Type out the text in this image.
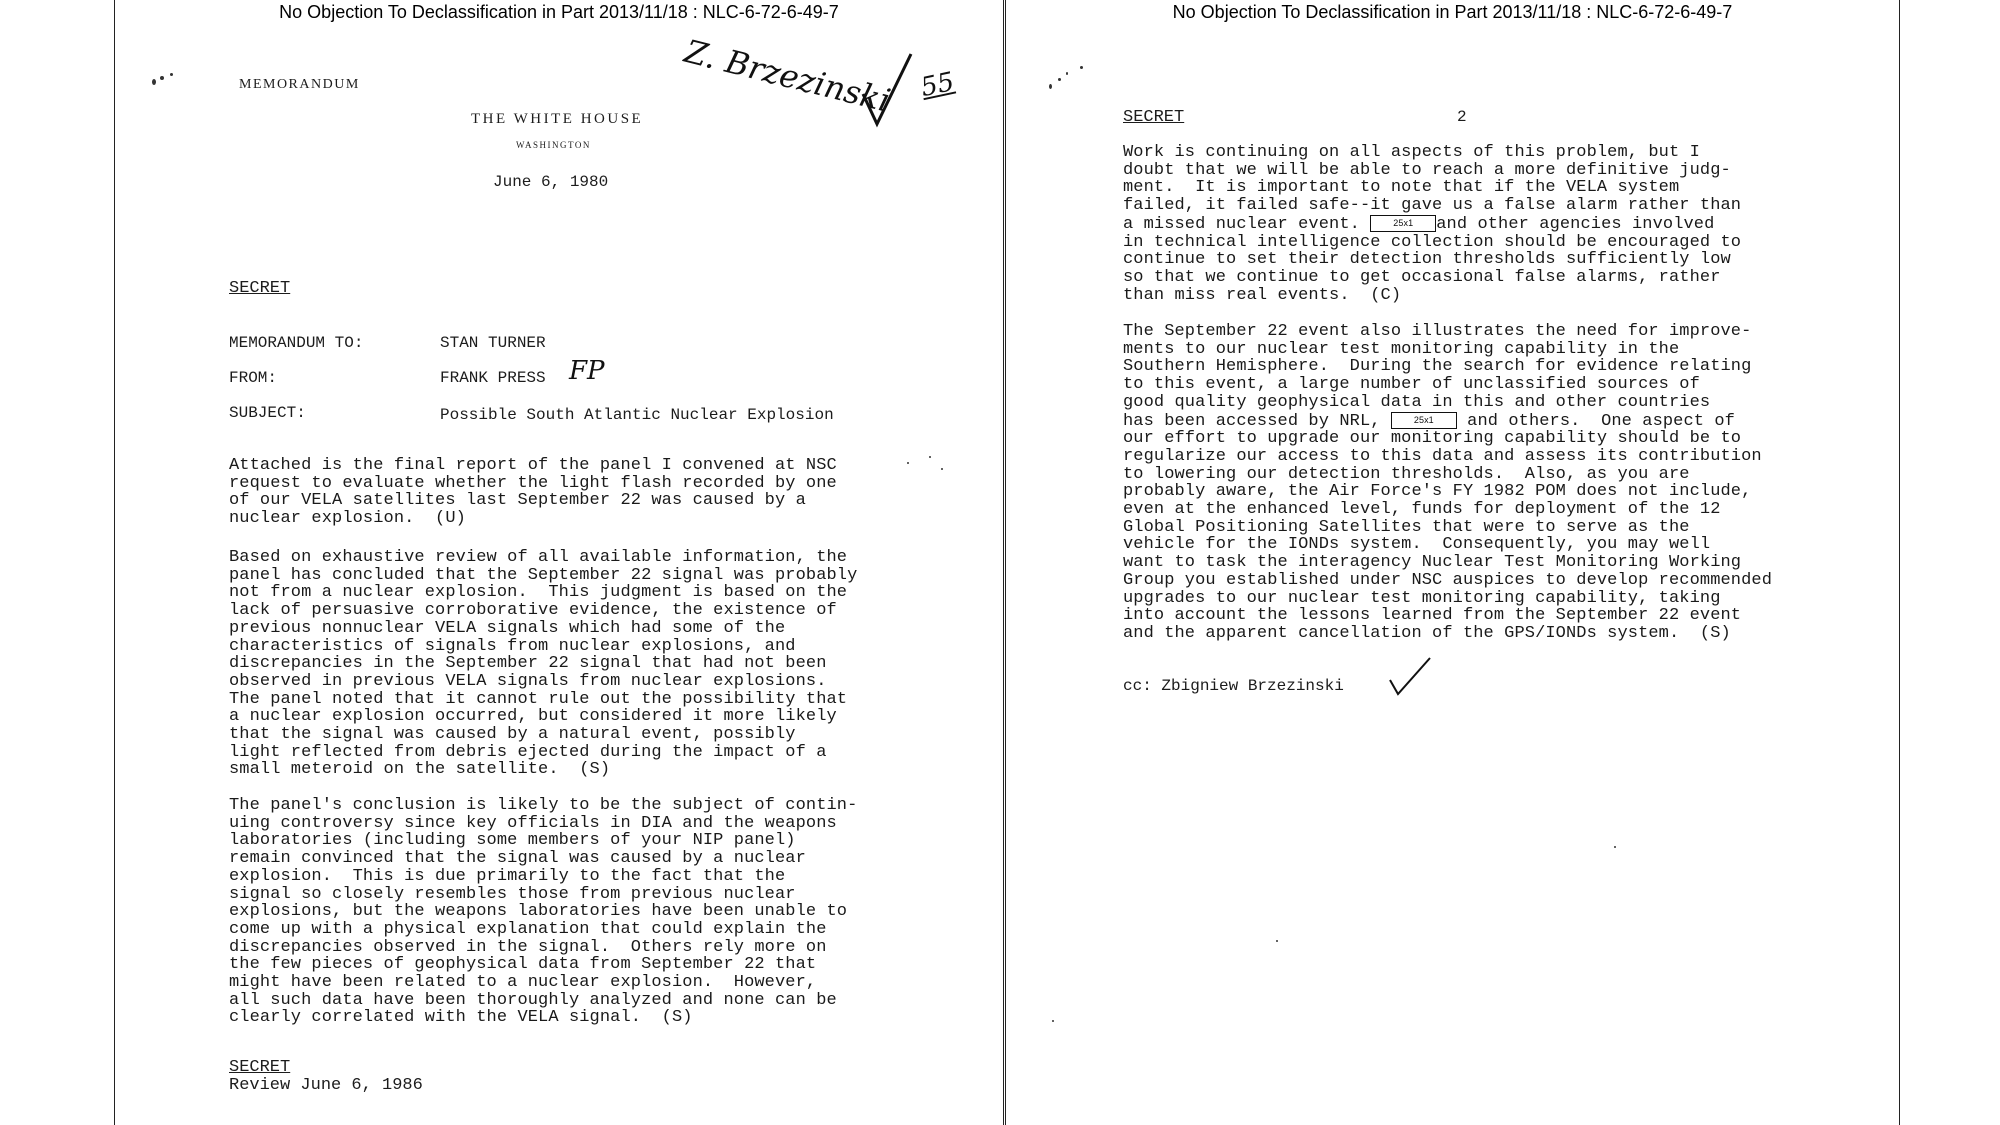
No Objection To Declassification in Part 2013/11/18 : NLC-6-72-6-49-7
MEMORANDUM
THE WHITE HOUSE
WASHINGTON
June 6, 1980
Z. Brzezinski 55
SECRET
MEMORANDUM TO:	STAN TURNER
FROM:	FRANK PRESS FP
SUBJECT:	Possible South Atlantic Nuclear Explosion
Attached is the final report of the panel I convened at NSC
request to evaluate whether the light flash recorded by one
of our VELA satellites last September 22 was caused by a
nuclear explosion.  (U)
Based on exhaustive review of all available information, the
panel has concluded that the September 22 signal was probably
not from a nuclear explosion.  This judgment is based on the
lack of persuasive corroborative evidence, the existence of
previous nonnuclear VELA signals which had some of the
characteristics of signals from nuclear explosions, and
discrepancies in the September 22 signal that had not been
observed in previous VELA signals from nuclear explosions.
The panel noted that it cannot rule out the possibility that
a nuclear explosion occurred, but considered it more likely
that the signal was caused by a natural event, possibly
light reflected from debris ejected during the impact of a
small meteroid on the satellite.  (S)
The panel's conclusion is likely to be the subject of contin-
uing controversy since key officials in DIA and the weapons
laboratories (including some members of your NIP panel)
remain convinced that the signal was caused by a nuclear
explosion.  This is due primarily to the fact that the
signal so closely resembles those from previous nuclear
explosions, but the weapons laboratories have been unable to
come up with a physical explanation that could explain the
discrepancies observed in the signal.  Others rely more on
the few pieces of geophysical data from September 22 that
might have been related to a nuclear explosion.  However,
all such data have been thoroughly analyzed and none can be
clearly correlated with the VELA signal.  (S)
SECRET
Review June 6, 1986
No Objection To Declassification in Part 2013/11/18 : NLC-6-72-6-49-7
SECRET	2
Work is continuing on all aspects of this problem, but I
doubt that we will be able to reach a more definitive judg-
ment.  It is important to note that if the VELA system
failed, it failed safe--it gave us a false alarm rather than
a missed nuclear event.	25x1 and other agencies involved
in technical intelligence collection should be encouraged to
continue to set their detection thresholds sufficiently low
so that we continue to get occasional false alarms, rather
than miss real events.  (C)
The September 22 event also illustrates the need for improve-
ments to our nuclear test monitoring capability in the
Southern Hemisphere.  During the search for evidence relating
to this event, a large number of unclassified sources of
good quality geophysical data in this and other countries
has been accessed by NRL,	25x1 and others.  One aspect of
our effort to upgrade our monitoring capability should be to
regularize our access to this data and assess its contribution
to lowering our detection thresholds.  Also, as you are
probably aware, the Air Force's FY 1982 POM does not include,
even at the enhanced level, funds for deployment of the 12
Global Positioning Satellites that were to serve as the
vehicle for the IONDs system.  Consequently, you may well
want to task the interagency Nuclear Test Monitoring Working
Group you established under NSC auspices to develop recommended
upgrades to our nuclear test monitoring capability, taking
into account the lessons learned from the September 22 event
and the apparent cancellation of the GPS/IONDs system.  (S)
cc: Zbigniew Brzezinski
